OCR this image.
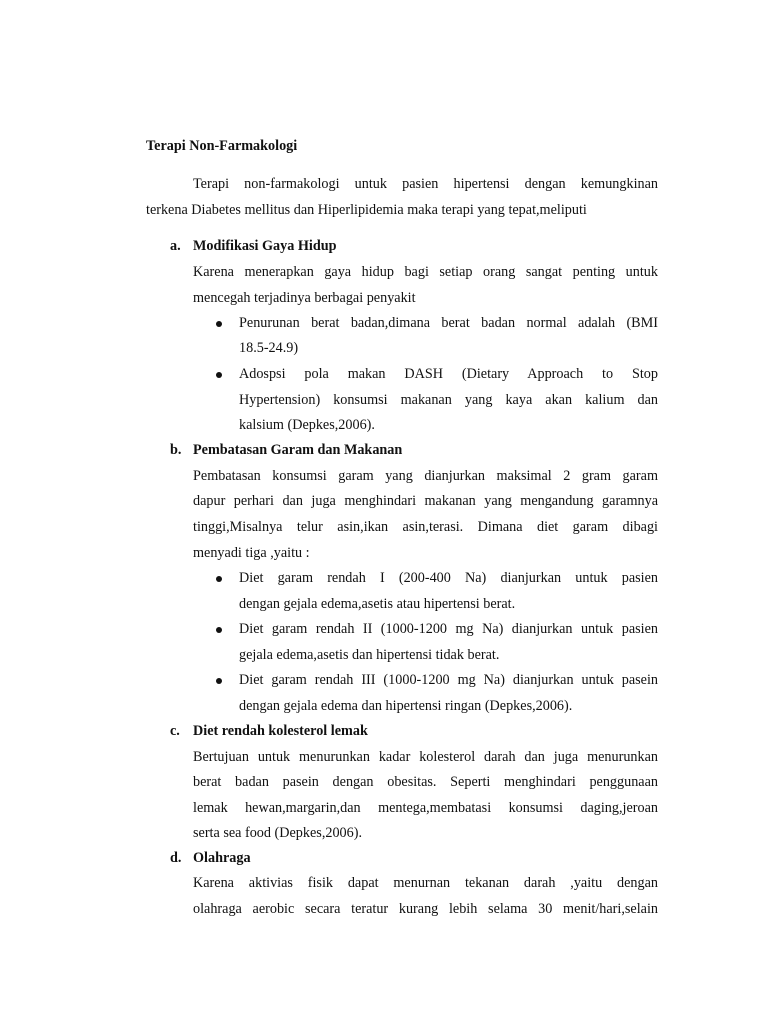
Terapi Non-Farmakologi
Terapi non-farmakologi untuk pasien hipertensi dengan kemungkinan
terkena Diabetes mellitus dan Hiperlipidemia maka terapi yang tepat,meliputi
a. Modifikasi Gaya Hidup
Karena menerapkan gaya hidup bagi setiap orang sangat penting untuk
mencegah terjadinya berbagai penyakit
Penurunan berat badan,dimana berat badan normal adalah (BMI
18.5-24.9)
Adospsi pola makan DASH (Dietary Approach to Stop
Hypertension) konsumsi makanan yang kaya akan kalium dan
kalsium (Depkes,2006).
b. Pembatasan Garam dan Makanan
Pembatasan konsumsi garam yang dianjurkan maksimal 2 gram garam
dapur perhari dan juga menghindari makanan yang mengandung garamnya
tinggi,Misalnya telur asin,ikan asin,terasi. Dimana diet garam dibagi
menyadi tiga ,yaitu :
Diet garam rendah I (200-400 Na) dianjurkan untuk pasien
dengan gejala edema,asetis atau hipertensi berat.
Diet garam rendah II (1000-1200 mg Na) dianjurkan untuk pasien
gejala edema,asetis dan hipertensi tidak berat.
Diet garam rendah III (1000-1200 mg Na) dianjurkan untuk pasein
dengan gejala edema dan hipertensi ringan (Depkes,2006).
c. Diet rendah kolesterol lemak
Bertujuan untuk menurunkan kadar kolesterol darah dan juga menurunkan
berat badan pasein dengan obesitas. Seperti menghindari penggunaan
lemak hewan,margarin,dan mentega,membatasi konsumsi daging,jeroan
serta sea food (Depkes,2006).
d. Olahraga
Karena aktivias fisik dapat menurnan tekanan darah ,yaitu dengan
olahraga aerobic secara teratur kurang lebih selama 30 menit/hari,selain
